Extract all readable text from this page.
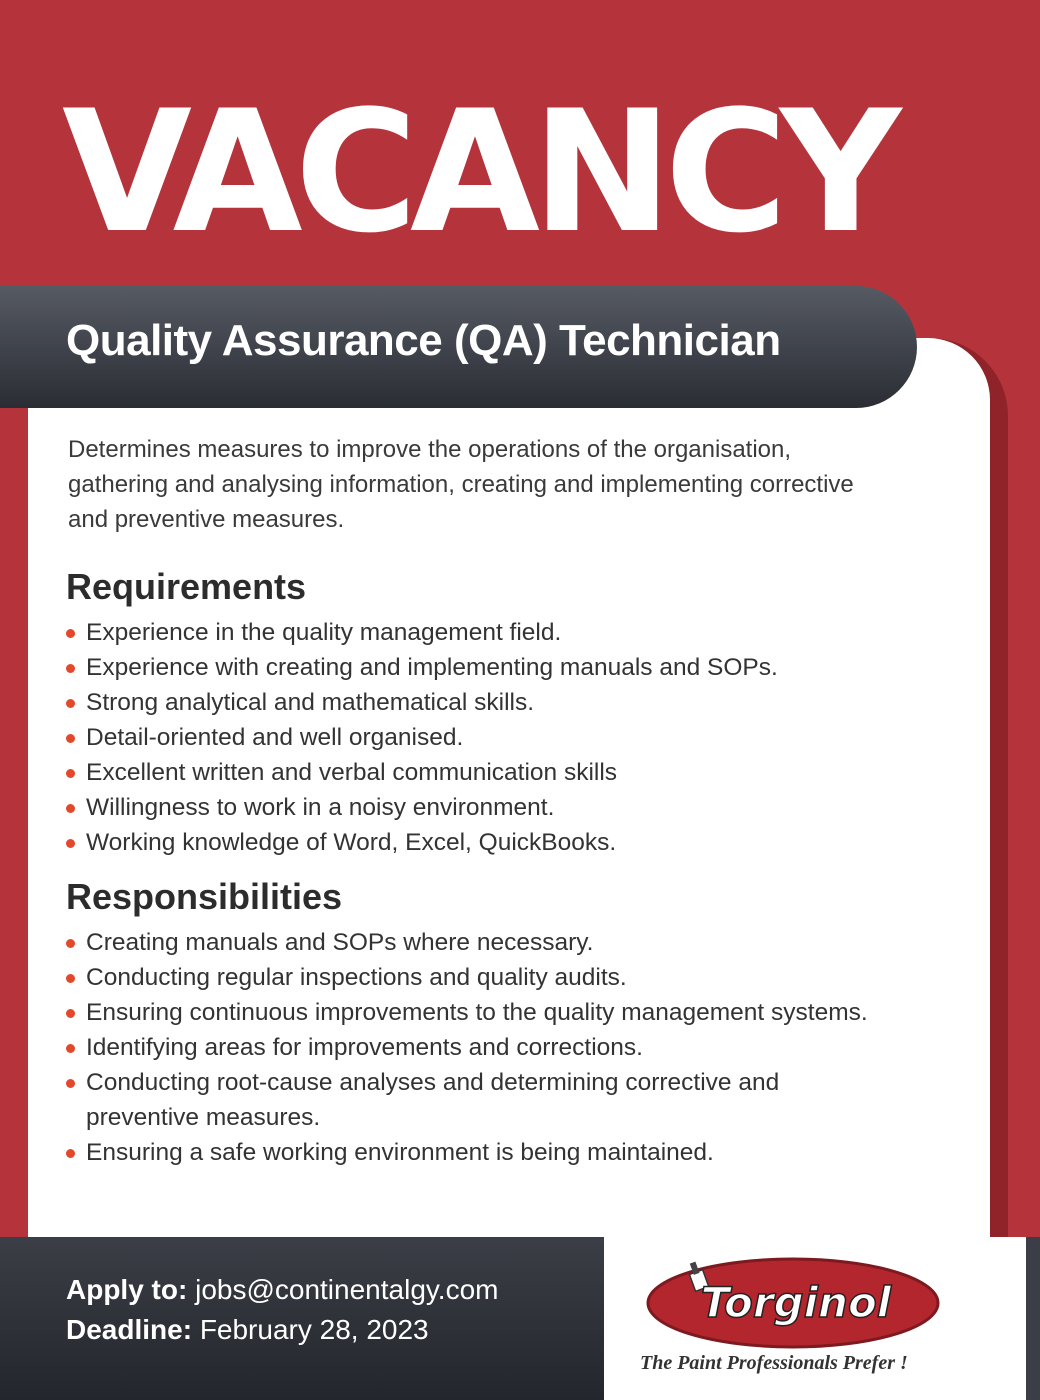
VACANCY
Quality Assurance (QA) Technician

Determines measures to improve the operations of the organisation, gathering and analysing information, creating and implementing corrective and preventive measures.

Requirements
Experience in the quality management field.
Experience with creating and implementing manuals and SOPs.
Strong analytical and mathematical skills.
Detail-oriented and well organised.
Excellent written and verbal communication skills
Willingness to work in a noisy environment.
Working knowledge of Word, Excel, QuickBooks.
Responsibilities
Creating manuals and SOPs where necessary.
Conducting regular inspections and quality audits.
Ensuring continuous improvements to the quality management systems.
Identifying areas for improvements and corrections.
Conducting root-cause analyses and determining corrective and preventive measures.
Ensuring a safe working environment is being maintained.

Apply to: jobs@continentalgy.com

Deadline: February 28, 2023

Torginol

The Paint Professionals Prefer !
